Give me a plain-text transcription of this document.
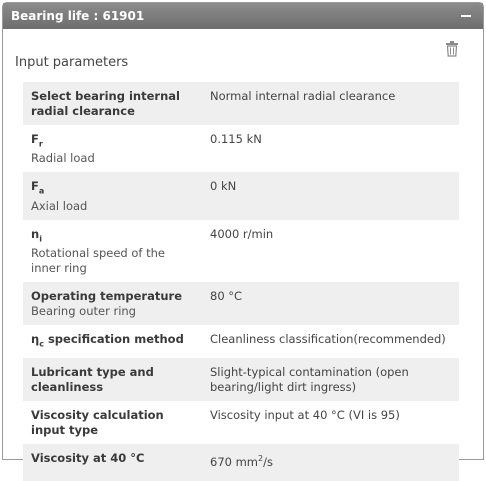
Bearing life : 61901
Input parameters
Select bearing internal radial clearance	Normal internal radial clearance
$F_r$
Radial load	0.115 kN
$F_a$
Axial load	0 kN
$n_i$
Rotational speed of the inner ring	4000 r/min
Operating temperature
Bearing outer ring	80 °C
$\eta_c$ specification method	Cleanliness classification(recommended)
Lubricant type and cleanliness	Slight-typical contamination (open bearing/light dirt ingress)
Viscosity calculation input type	Viscosity input at 40 °C (VI is 95)
Viscosity at 40 °C	670 $mm^2/s$
